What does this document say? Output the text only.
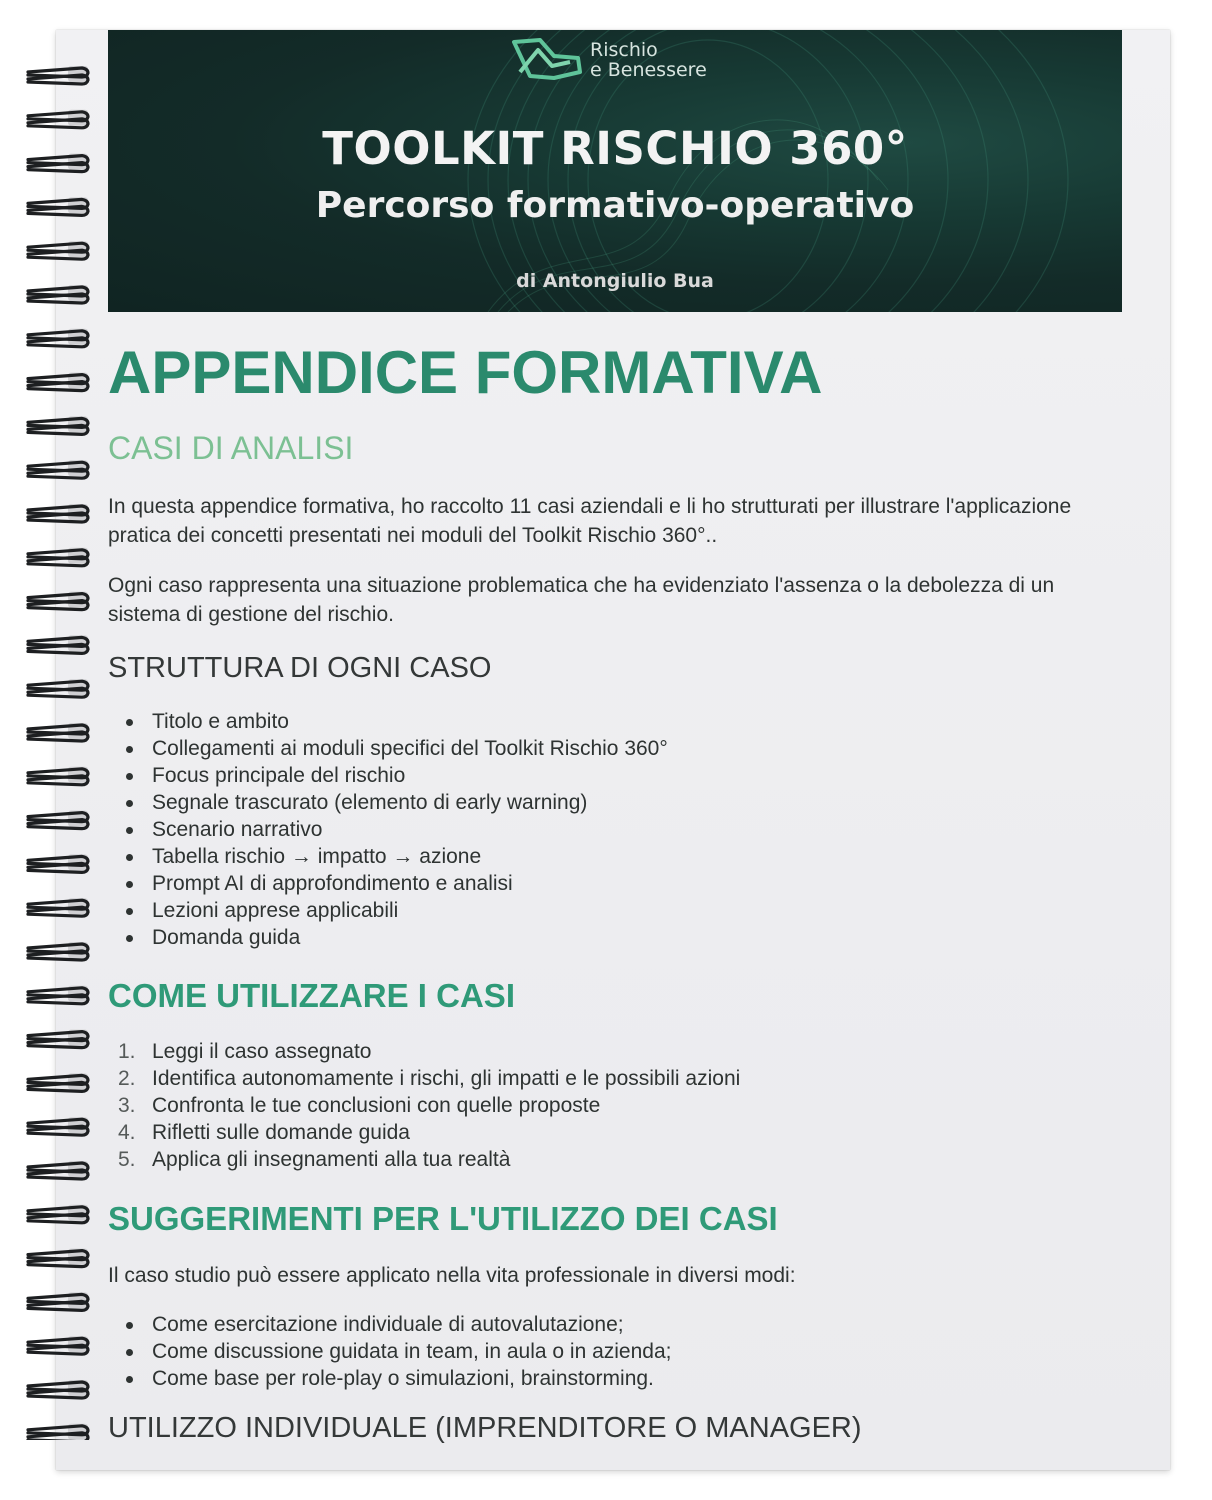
Rischio
e Benessere
TOOLKIT RISCHIO 360°
Percorso formativo-operativo
di Antongiulio Bua
APPENDICE FORMATIVA
CASI DI ANALISI

In questa appendice formativa, ho raccolto 11 casi aziendali e li ho strutturati per illustrare l'applicazione pratica dei concetti presentati nei moduli del Toolkit Rischio 360°..

Ogni caso rappresenta una situazione problematica che ha evidenziato l'assenza o la debolezza di un sistema di gestione del rischio.

STRUTTURA DI OGNI CASO
Titolo e ambito
Collegamenti ai moduli specifici del Toolkit Rischio 360°
Focus principale del rischio
Segnale trascurato (elemento di early warning)
Scenario narrativo
Tabella rischio → impatto → azione
Prompt AI di approfondimento e analisi
Lezioni apprese applicabili
Domanda guida
COME UTILIZZARE I CASI
1. Leggi il caso assegnato
2. Identifica autonomamente i rischi, gli impatti e le possibili azioni
3. Confronta le tue conclusioni con quelle proposte
4. Rifletti sulle domande guida
5. Applica gli insegnamenti alla tua realtà
SUGGERIMENTI PER L'UTILIZZO DEI CASI

Il caso studio può essere applicato nella vita professionale in diversi modi:

Come esercitazione individuale di autovalutazione;
Come discussione guidata in team, in aula o in azienda;
Come base per role-play o simulazioni, brainstorming.
UTILIZZO INDIVIDUALE (IMPRENDITORE O MANAGER)
